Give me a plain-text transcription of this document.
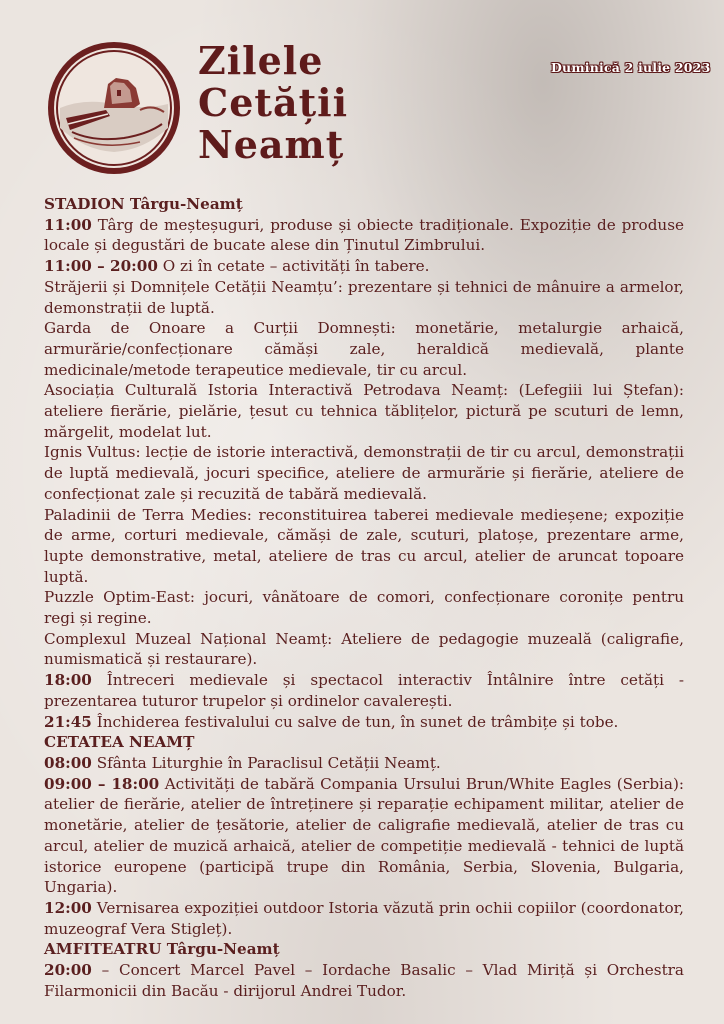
Zilele
Cetății
Neamț
Duminică 2 iulie 2023

STADION Târgu-Neamț

11:00 Târg de meșteșuguri, produse și obiecte tradiționale. Expoziție de produse locale și degustări de bucate alese din Ținutul Zimbrului.

11:00 – 20:00 O zi în cetate – activități în tabere.

Străjerii și Domnițele Cetății Neamțu’: prezentare și tehnici de mânuire a armelor, demonstrații de luptă.

Garda de Onoare a Curții Domnești: monetărie, metalurgie arhaică, armurărie/confecționare cămăși zale, heraldică medievală, plante medicinale/metode terapeutice medievale, tir cu arcul.

Asociația Culturală Istoria Interactivă Petrodava Neamț: (Lefegiii lui Ștefan): ateliere fierărie, pielărie, țesut cu tehnica tăblițelor, pictură pe scuturi de lemn, mărgelit, modelat lut.

Ignis Vultus: lecție de istorie interactivă, demonstrații de tir cu arcul, demonstrații de luptă medievală, jocuri specifice, ateliere de armurărie și fierărie, ateliere de confecționat zale și recuzită de tabără medievală.

Paladinii de Terra Medies: reconstituirea taberei medievale medieșene; expoziție de arme, corturi medievale, cămăși de zale, scuturi, platoșe, prezentare arme, lupte demonstrative, metal, ateliere de tras cu arcul, atelier de aruncat topoare luptă.

Puzzle Optim-East: jocuri, vânătoare de comori, confecționare coronițe pentru regi și regine.

Complexul Muzeal Național Neamț: Ateliere de pedagogie muzeală (caligrafie, numismatică și restaurare).

18:00 Întreceri medievale și spectacol interactiv Întâlnire între cetăți - prezentarea tuturor trupelor și ordinelor cavalerești.

21:45 Închiderea festivalului cu salve de tun, în sunet de trâmbițe și tobe.

CETATEA NEAMȚ

08:00 Sfânta Liturghie în Paraclisul Cetății Neamț.

09:00 – 18:00 Activități de tabără Compania Ursului Brun/White Eagles (Serbia): atelier de fierărie, atelier de întreținere și reparație echipament militar, atelier de monetărie, atelier de țesătorie, atelier de caligrafie medievală, atelier de tras cu arcul, atelier de muzică arhaică, atelier de competiție medievală - tehnici de luptă istorice europene (participă trupe din România, Serbia, Slovenia, Bulgaria, Ungaria).

12:00 Vernisarea expoziției outdoor Istoria văzută prin ochii copiilor (coordonator, muzeograf Vera Stigleț).

AMFITEATRU Târgu-Neamț

20:00 – Concert Marcel Pavel – Iordache Basalic – Vlad Miriță și Orchestra Filarmonicii din Bacău - dirijorul Andrei Tudor.
